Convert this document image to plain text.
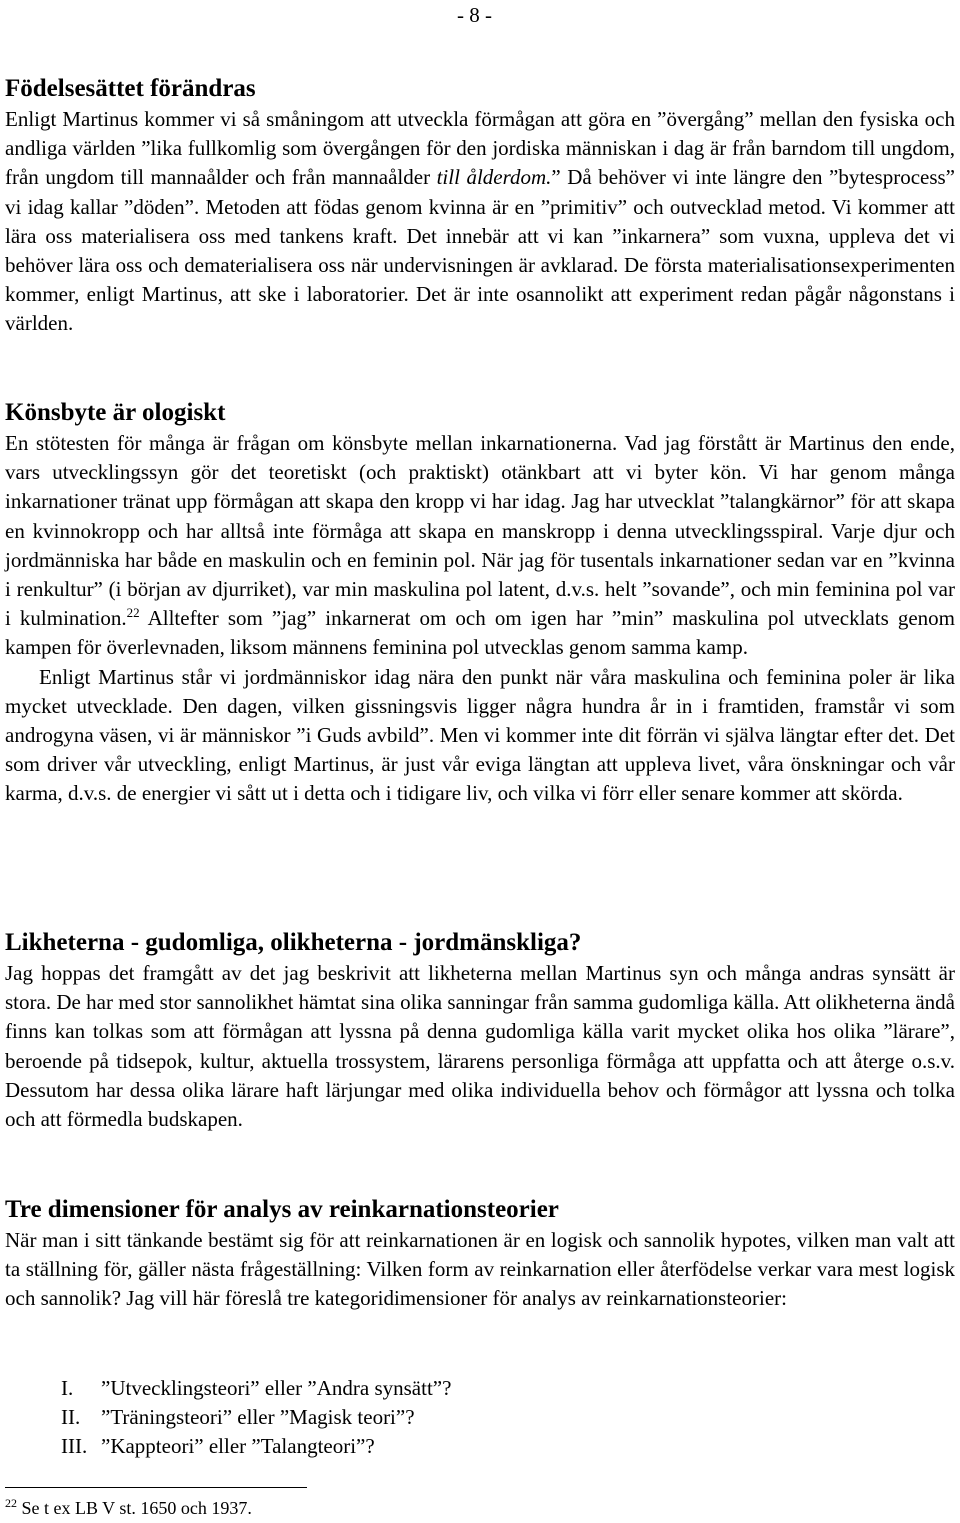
- 8 -
Födelsesättet förändras

Enligt Martinus kommer vi så småningom att utveckla förmågan att göra en ”övergång” mellan den fysiska och andliga världen ”lika fullkomlig som övergången för den jordiska människan i dag är från barndom till ungdom, från ungdom till mannaålder och från mannaålder till ålderdom.” Då behöver vi inte längre den ”bytesprocess” vi idag kallar ”döden”. Metoden att födas genom kvinna är en ”primitiv” och outvecklad metod. Vi kommer att lära oss materialisera oss med tankens kraft. Det innebär att vi kan ”inkarnera” som vuxna, uppleva det vi behöver lära oss och dematerialisera oss när undervisningen är avklarad. De första materialisationsexperimenten kommer, enligt Martinus, att ske i laboratorier. Det är inte osannolikt att experiment redan pågår någonstans i världen.

Könsbyte är ologiskt

En stötesten för många är frågan om könsbyte mellan inkarnationerna. Vad jag förstått är Martinus den ende, vars utvecklingssyn gör det teoretiskt (och praktiskt) otänkbart att vi byter kön. Vi har genom många inkarnationer tränat upp förmågan att skapa den kropp vi har idag. Jag har utvecklat ”talangkärnor” för att skapa en kvinnokropp och har alltså inte förmåga att skapa en manskropp i denna utvecklingsspiral. Varje djur och jordmänniska har både en maskulin och en feminin pol. När jag för tusentals inkarnationer sedan var en ”kvinna i renkultur” (i början av djurriket), var min maskulina pol latent, d.v.s. helt ”sovande”, och min feminina pol var i kulmination.$^{22}$ Alltefter som ”jag” inkarnerat om och om igen har ”min” maskulina pol utvecklats genom kampen för överlevnaden, liksom männens feminina pol utvecklas genom samma kamp.

Enligt Martinus står vi jordmänniskor idag nära den punkt när våra maskulina och feminina poler är lika mycket utvecklade. Den dagen, vilken gissningsvis ligger några hundra år in i framtiden, framstår vi som androgyna väsen, vi är människor ”i Guds avbild”. Men vi kommer inte dit förrän vi själva längtar efter det. Det som driver vår utveckling, enligt Martinus, är just vår eviga längtan att uppleva livet, våra önskningar och vår karma, d.v.s. de energier vi sått ut i detta och i tidigare liv, och vilka vi förr eller senare kommer att skörda.

Likheterna - gudomliga, olikheterna - jordmänskliga?

Jag hoppas det framgått av det jag beskrivit att likheterna mellan Martinus syn och många andras synsätt är stora. De har med stor sannolikhet hämtat sina olika sanningar från samma gudomliga källa. Att olikheterna ändå finns kan tolkas som att förmågan att lyssna på denna gudomliga källa varit mycket olika hos olika ”lärare”, beroende på tidsepok, kultur, aktuella trossystem, lärarens personliga förmåga att uppfatta och att återge o.s.v. Dessutom har dessa olika lärare haft lärjungar med olika individuella behov och förmågor att lyssna och tolka och att förmedla budskapen.

Tre dimensioner för analys av reinkarnationsteorier

När man i sitt tänkande bestämt sig för att reinkarnationen är en logisk och sannolik hypotes, vilken man valt att ta ställning för, gäller nästa frågeställning: Vilken form av reinkarnation eller återfödelse verkar vara mest logisk och sannolik? Jag vill här föreslå tre kategoridimensioner för analys av reinkarnationsteorier:

I.	”Utvecklingsteori” eller ”Andra synsätt”?
II. ”Träningsteori” eller ”Magisk teori”?
III. ”Kappteori” eller ”Talangteori”?
$^{22}$ Se t ex LB V st. 1650 och 1937.
